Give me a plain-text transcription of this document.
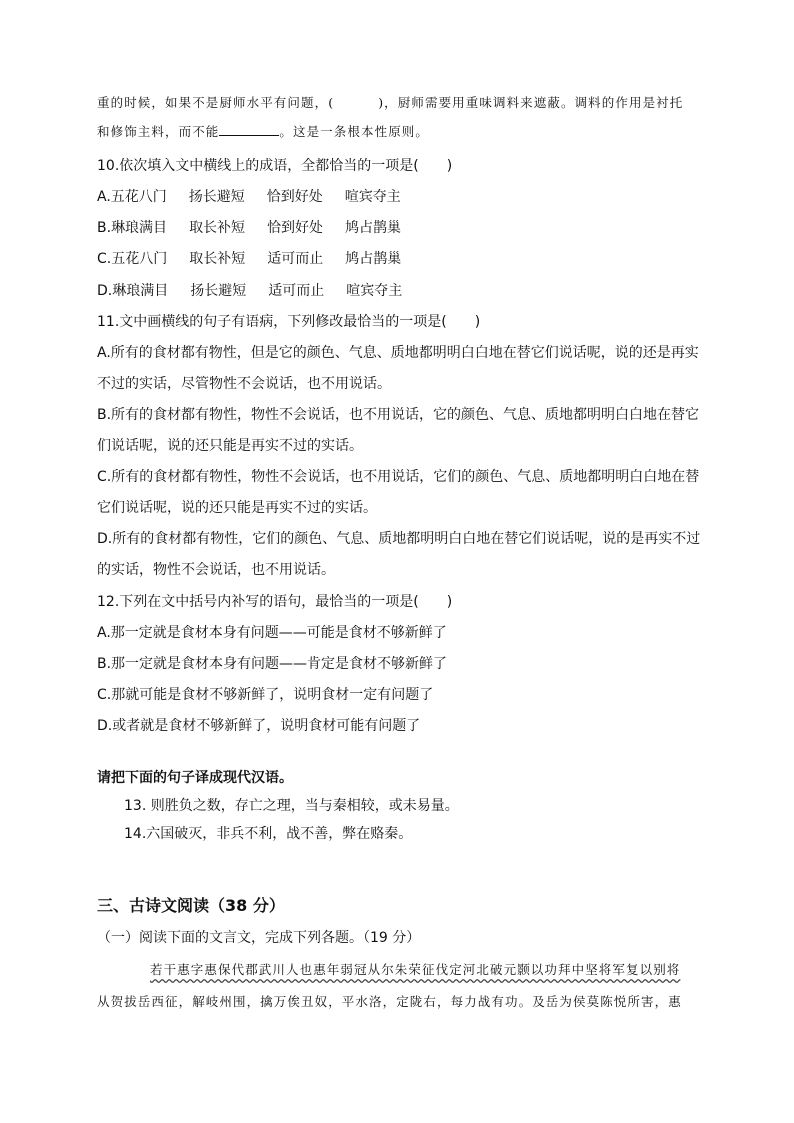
重的时候，如果不是厨师水平有问题，(	)，厨师需要用重味调料来遮蔽。调料的作用是衬托
和修饰主料，而不能	。这是一条根本性原则。
10.依次填入文中横线上的成语，全都恰当的一项是(　　)
A.五花八门 扬长避短 恰到好处 喧宾夺主
B.琳琅满目 取长补短 恰到好处 鸠占鹊巢
C.五花八门 取长补短 适可而止 鸠占鹊巢
D.琳琅满目 扬长避短 适可而止 喧宾夺主
11.文中画横线的句子有语病，下列修改最恰当的一项是(　　)
A.所有的食材都有物性，但是它的颜色、气息、质地都明明白白地在替它们说话呢，说的还是再实
不过的实话，尽管物性不会说话，也不用说话。
B.所有的食材都有物性，物性不会说话，也不用说话，它的颜色、气息、质地都明明白白地在替它
们说话呢，说的还只能是再实不过的实话。
C.所有的食材都有物性，物性不会说话，也不用说话，它们的颜色、气息、质地都明明白白地在替
它们说话呢，说的还只能是再实不过的实话。
D.所有的食材都有物性，它们的颜色、气息、质地都明明白白地在替它们说话呢，说的是再实不过
的实话，物性不会说话，也不用说话。
12.下列在文中括号内补写的语句，最恰当的一项是(　　)
A.那一定就是食材本身有问题——可能是食材不够新鲜了
B.那一定就是食材本身有问题——肯定是食材不够新鲜了
C.那就可能是食材不够新鲜了，说明食材一定有问题了
D.或者就是食材不够新鲜了，说明食材可能有问题了
请把下面的句子译成现代汉语。
13. 则胜负之数，存亡之理，当与秦相较，或未易量。
14.六国破灭，非兵不利，战不善，弊在赂秦。
三、古诗文阅读（38 分）
（一）阅读下面的文言文，完成下列各题。（19 分）
若干惠字惠保代郡武川人也惠年弱冠从尔朱荣征伐定河北破元颢以功拜中坚将军复以别将
从贺拔岳西征，解岐州围，擒万俟丑奴，平水洛，定陇右，每力战有功。及岳为侯莫陈悦所害，惠
